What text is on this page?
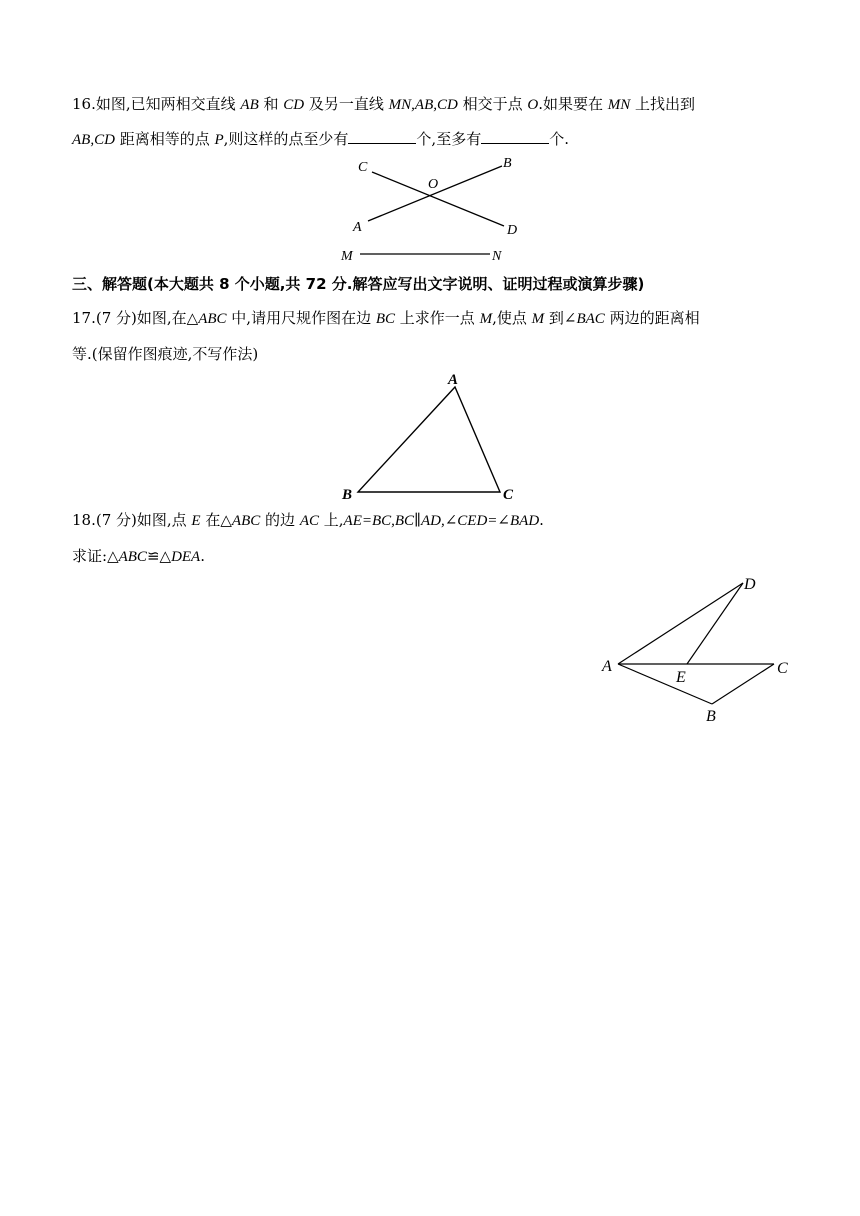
16.如图,已知两相交直线 AB 和 CD 及另一直线 MN,AB,CD 相交于点 O.如果要在 MN 上找出到
AB,CD 距离相等的点 P,则这样的点至少有	个,至多有	个.
C	B
O
A	D
M	N
三、解答题(本大题共 8 个小题,共 72 分.解答应写出文字说明、证明过程或演算步骤)
17.(7 分)如图,在△ABC 中,请用尺规作图在边 BC 上求作一点 M,使点 M 到∠BAC 两边的距离相
等.(保留作图痕迹,不写作法)
A
B	C
18.(7 分)如图,点 E 在△ABC 的边 AC 上,AE=BC,BC∥AD,∠CED=∠BAD.
求证:△ABC≌△DEA.
D
A
E
C
B
